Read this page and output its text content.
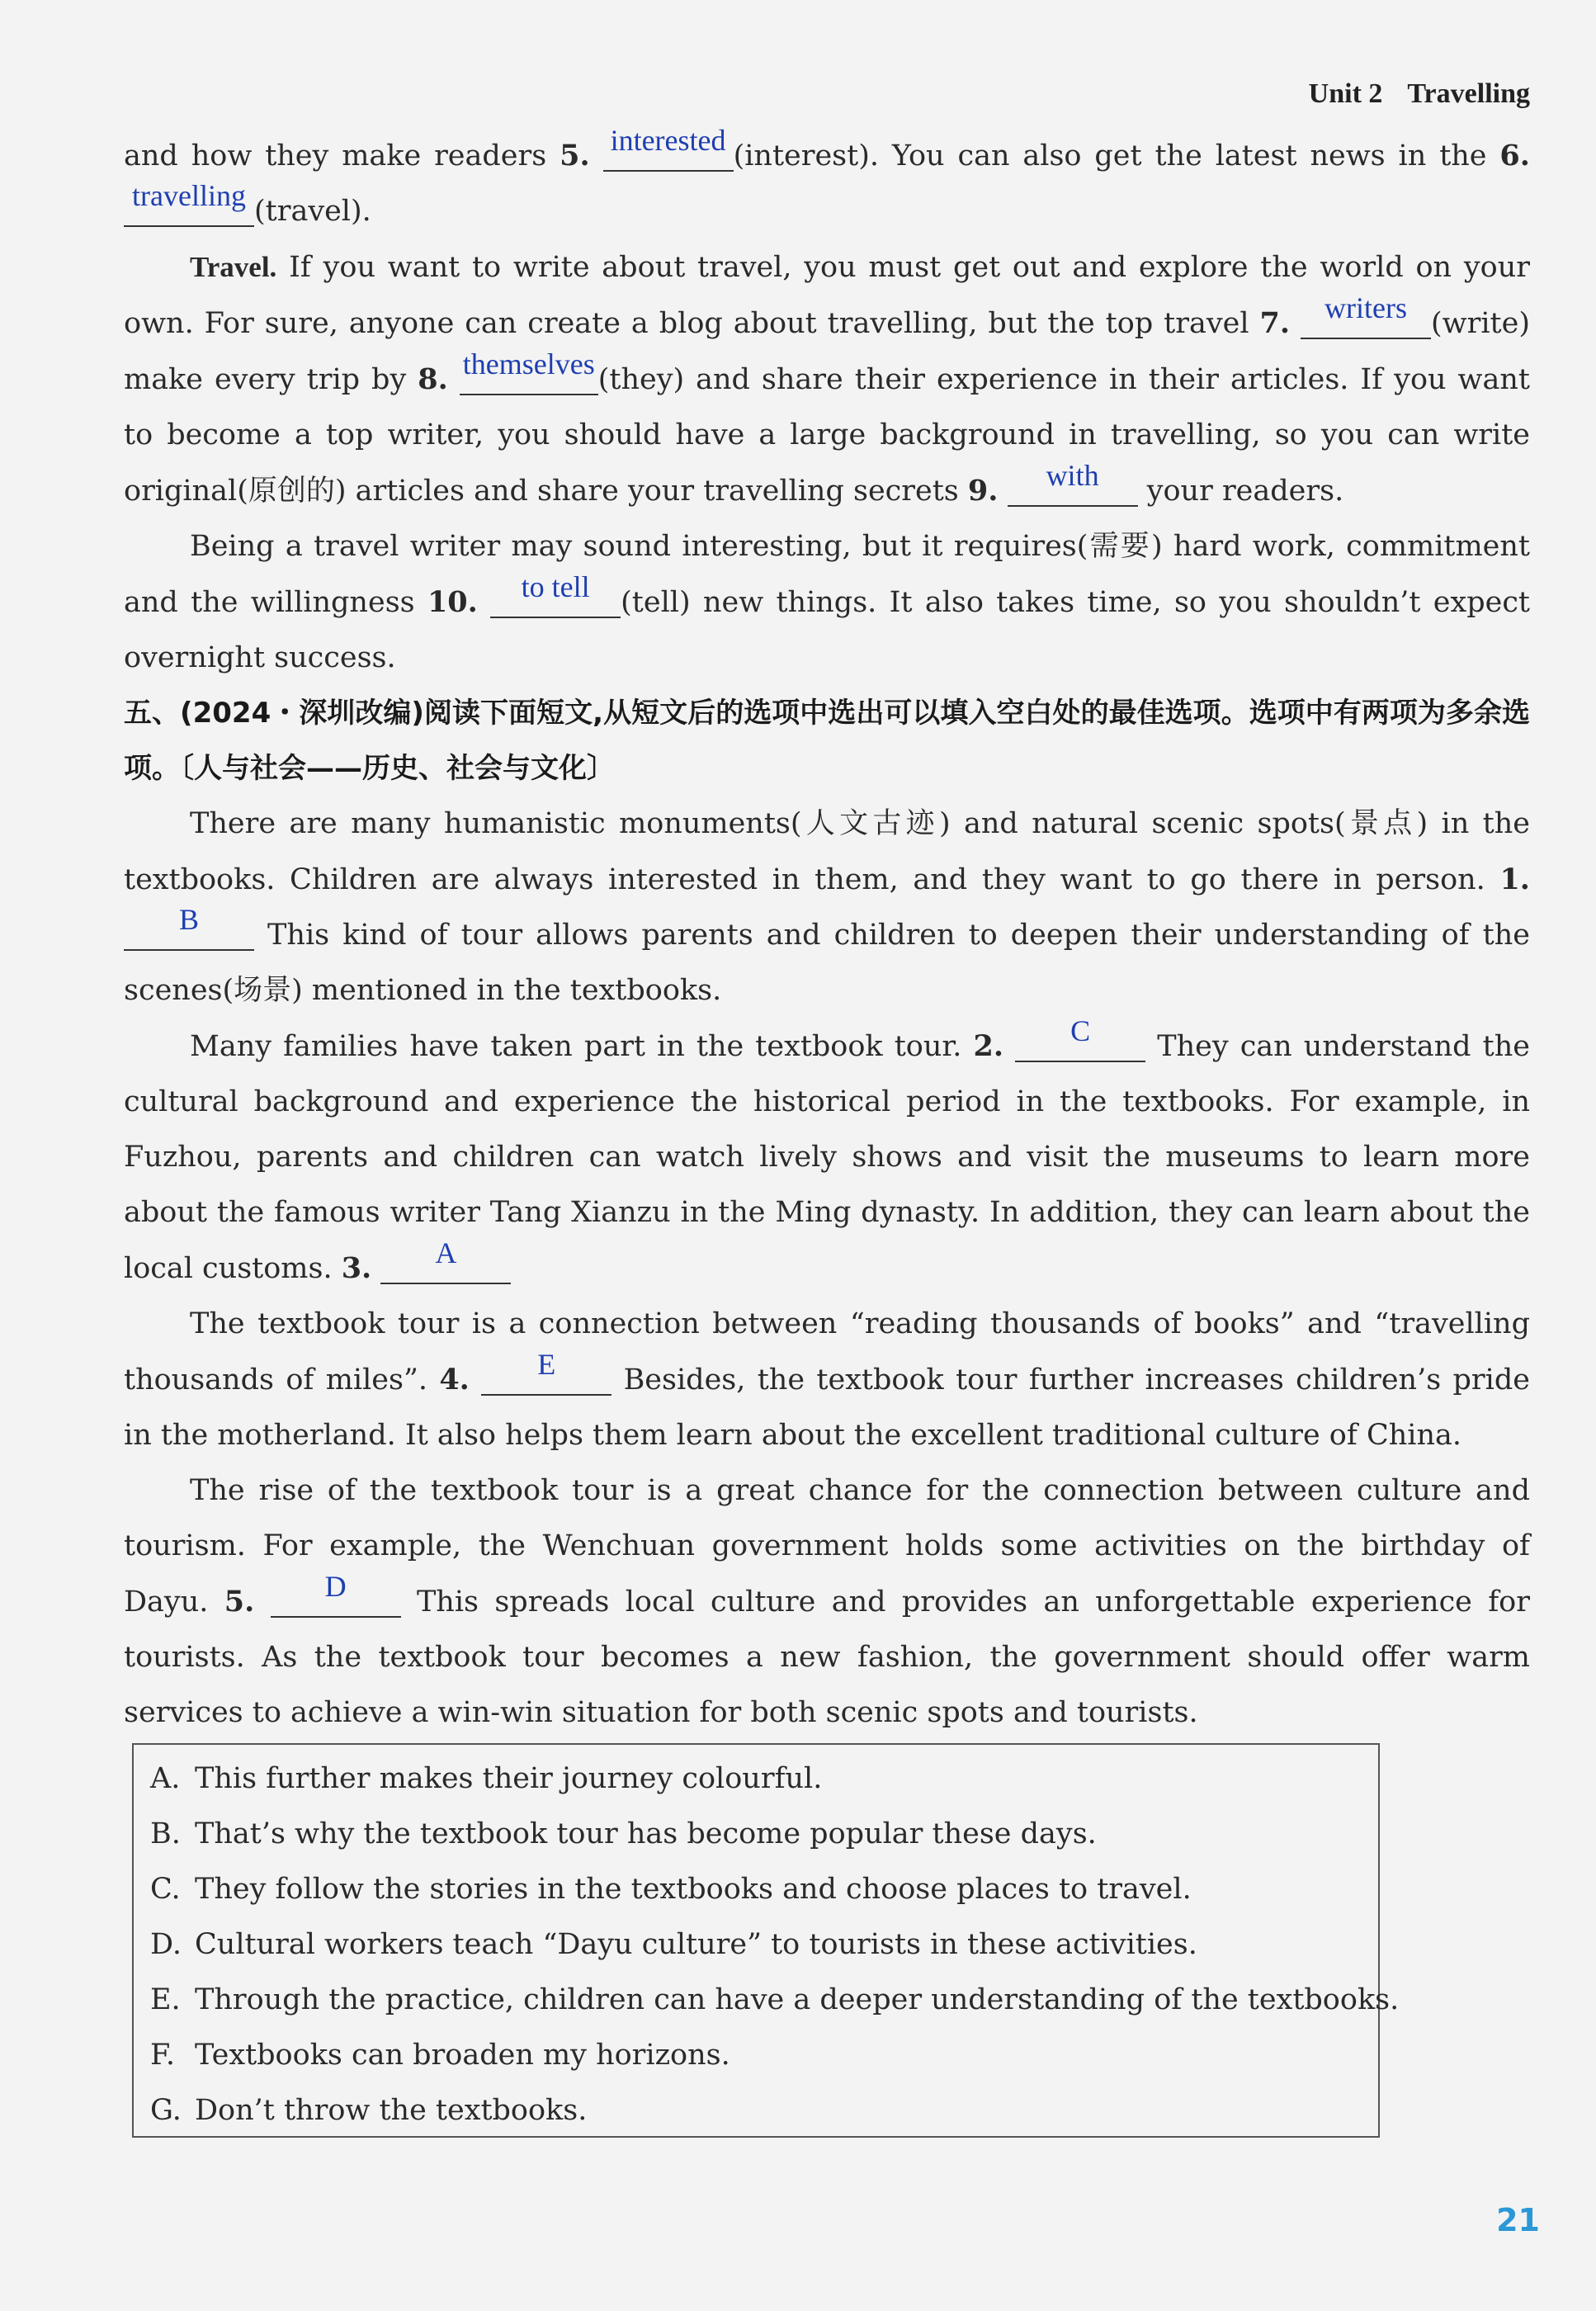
Unit 2 Travelling

and how they make readers 5. interested (interest). You can also get the latest news in the 6. travelling (travel).

Travel. If you want to write about travel, you must get out and explore the world on your own. For sure, anyone can create a blog about travelling, but the top travel 7. writers (write) make every trip by 8. themselves (they) and share their experience in their articles. If you want to become a top writer, you should have a large background in travelling, so you can write original(原创的) articles and share your travelling secrets 9. with your readers.

Being a travel writer may sound interesting, but it requires(需要) hard work, commitment and the willingness 10. to tell (tell) new things. It also takes time, so you shouldn’t expect overnight success.

五、(2024・深圳改编)阅读下面短文,从短文后的选项中选出可以填入空白处的最佳选项。选项中有两项为多余选项。〔人与社会——历史、社会与文化〕

There are many humanistic monuments(人文古迹) and natural scenic spots(景点) in the textbooks. Children are always interested in them, and they want to go there in person. 1. B This kind of tour allows parents and children to deepen their understanding of the scenes(场景) mentioned in the textbooks.

Many families have taken part in the textbook tour. 2. C They can understand the cultural background and experience the historical period in the textbooks. For example, in Fuzhou, parents and children can watch lively shows and visit the museums to learn more about the famous writer Tang Xianzu in the Ming dynasty. In addition, they can learn about the local customs. 3. A

The textbook tour is a connection between “reading thousands of books” and “travelling thousands of miles”. 4. E Besides, the textbook tour further increases children’s pride in the motherland. It also helps them learn about the excellent traditional culture of China.

The rise of the textbook tour is a great chance for the connection between culture and tourism. For example, the Wenchuan government holds some activities on the birthday of Dayu. 5. D This spreads local culture and provides an unforgettable experience for tourists. As the textbook tour becomes a new fashion, the government should offer warm services to achieve a win-win situation for both scenic spots and tourists.

A. This further makes their journey colourful.
B. That’s why the textbook tour has become popular these days.
C. They follow the stories in the textbooks and choose places to travel.
D. Cultural workers teach “Dayu culture” to tourists in these activities.
E. Through the practice, children can have a deeper understanding of the textbooks.
F. Textbooks can broaden my horizons.
G. Don’t throw the textbooks.
21
